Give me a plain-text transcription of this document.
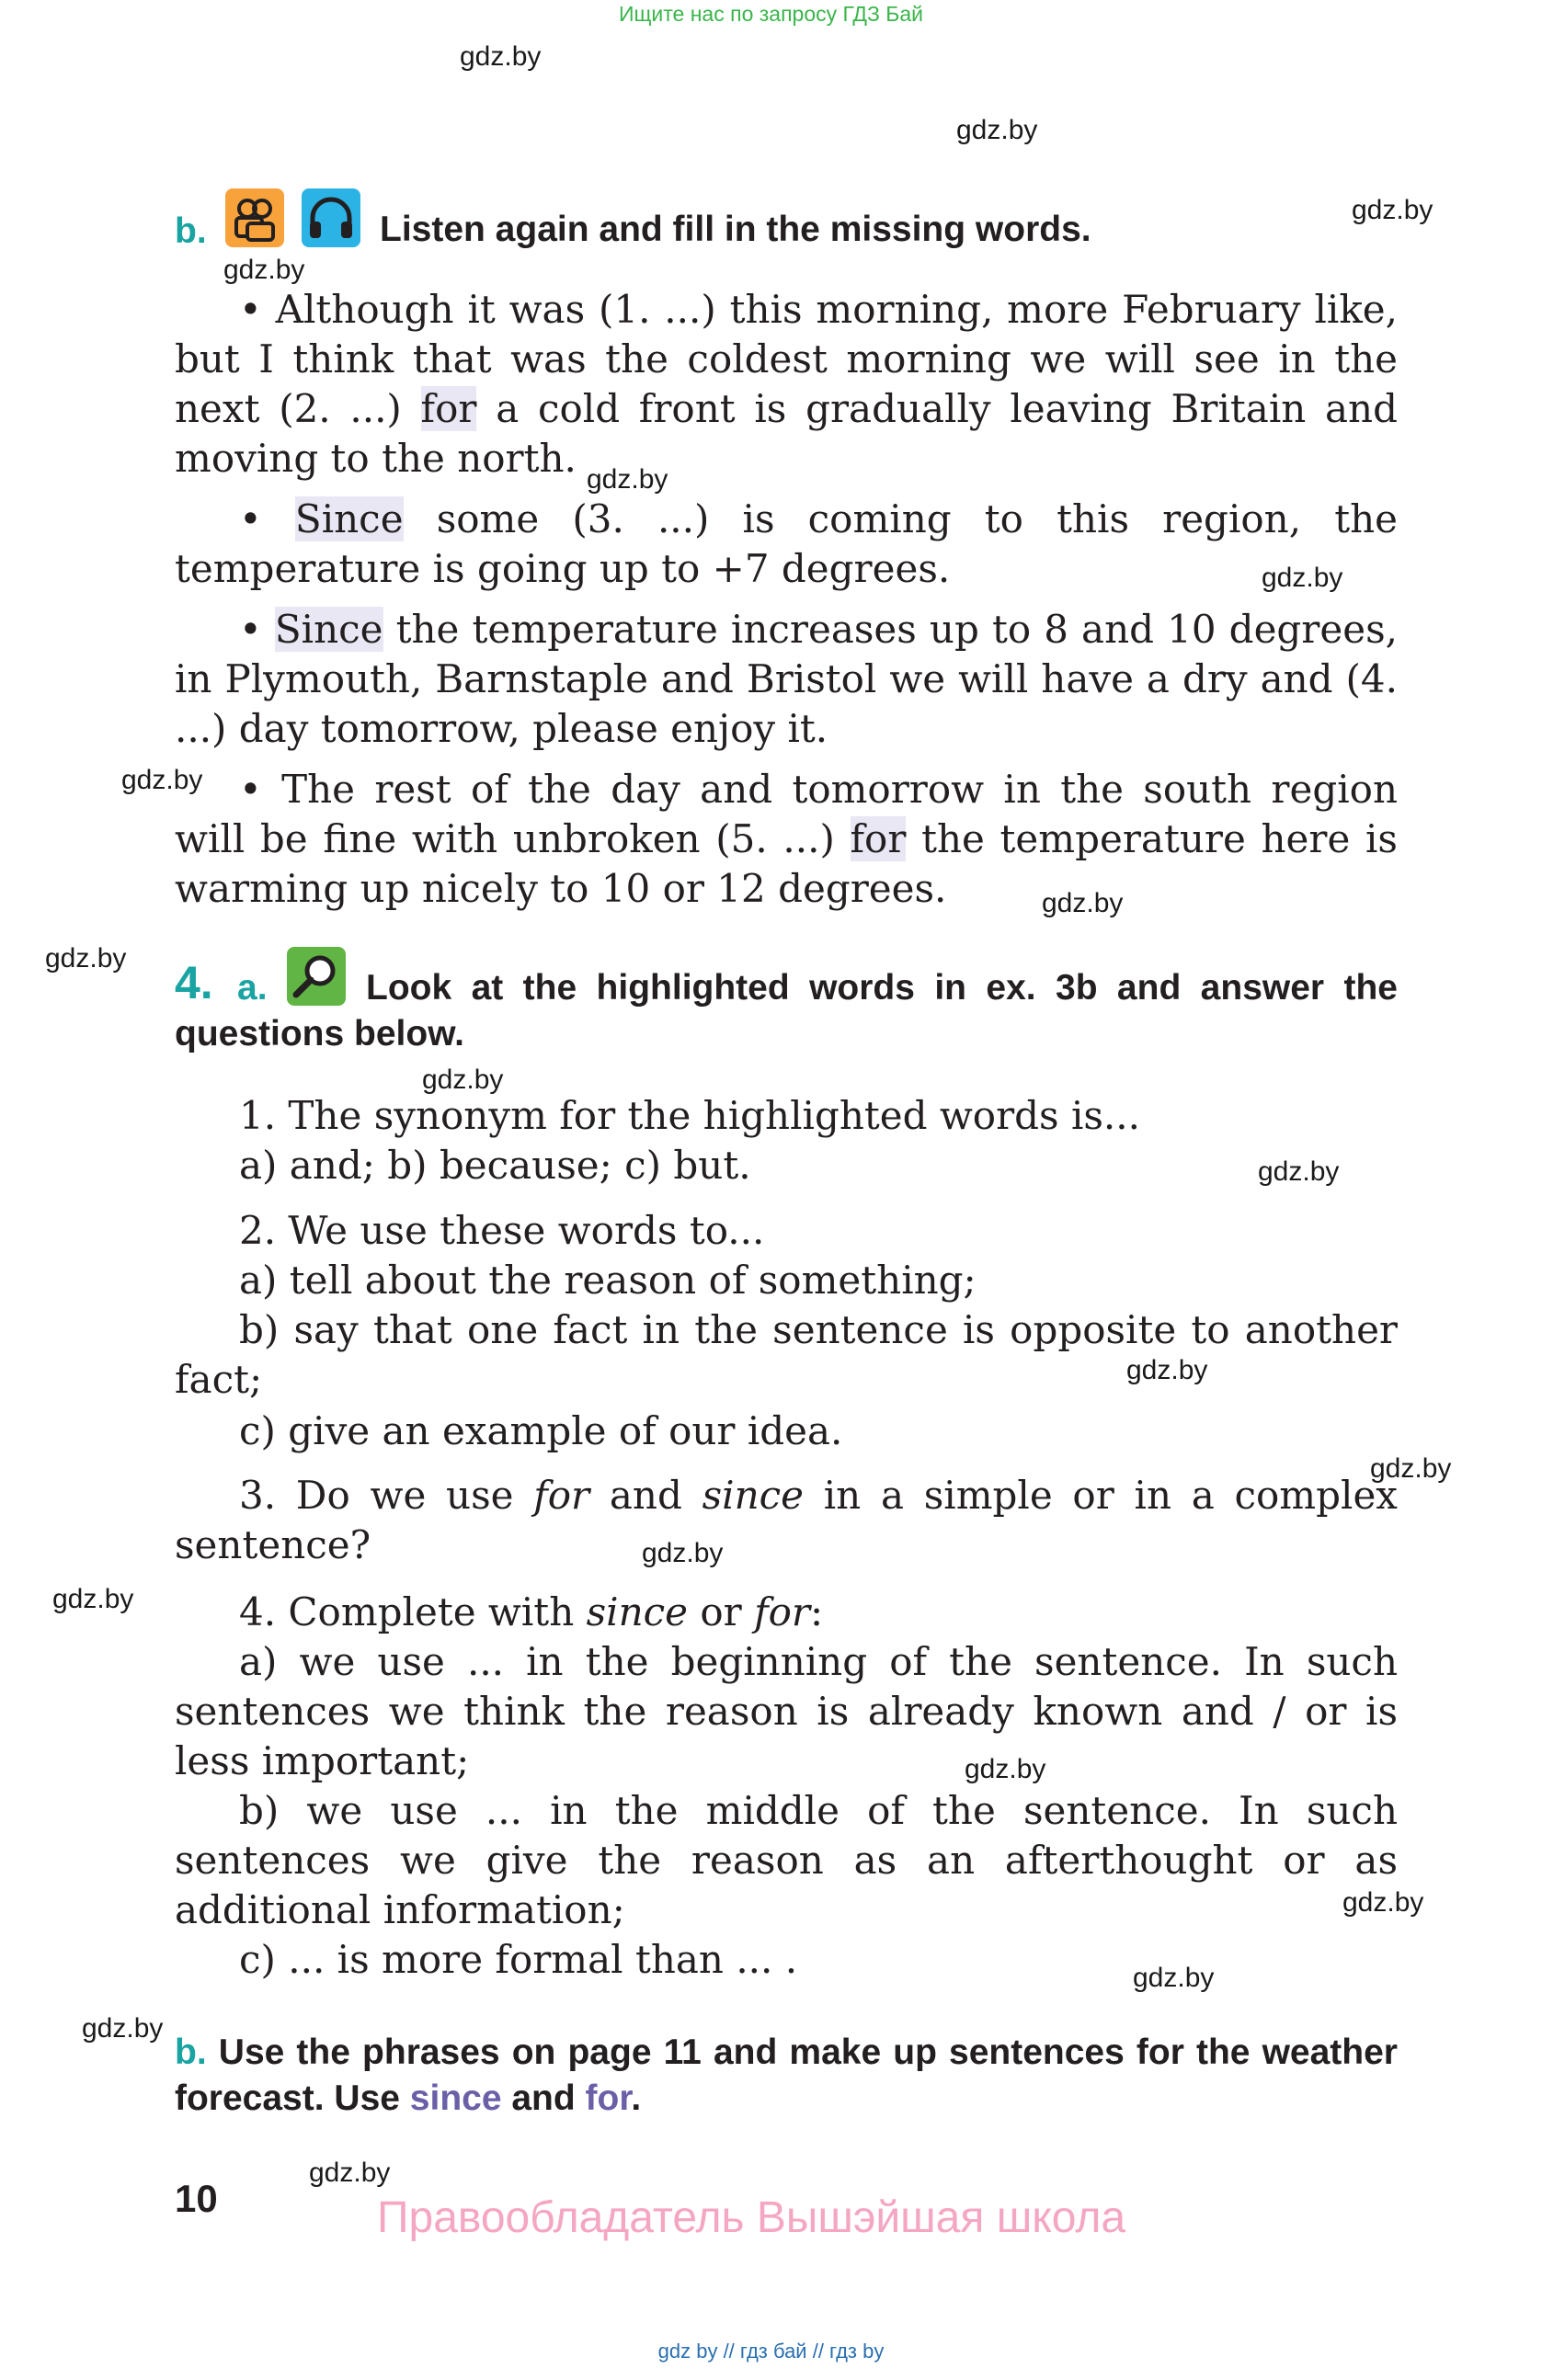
Ищите нас по запросу ГДЗ Бай
gdz.by
gdz.by
gdz.by
gdz.by
gdz.by
gdz.by
gdz.by
gdz.by
gdz.by
gdz.by
gdz.by
gdz.by
gdz.by
gdz.by
gdz.by
gdz.by
gdz.by
gdz.by
gdz.by
gdz.by
b.	Listen again and fill in the missing words.
• Although it was (1. ...) this morning, more February like, but I think that was the coldest morning we will see in the next (2. ...) for a cold front is gradually leaving Britain and moving to the north.
• Since some (3. ...) is coming to this region, the temperature is going up to +7 degrees.
• Since the temperature increases up to 8 and 10 degrees, in Plymouth, Barnstaple and Bristol we will have a dry and (4. ...) day tomorrow, please enjoy it.
• The rest of the day and tomorrow in the south region will be fine with unbroken (5. ...) for the temperature here is warming up nicely to 10 or 12 degrees.
4. a.	Look at the highlighted words in ex. 3b and answer the questions below.
1. The synonym for the highlighted words is...
a) and; b) because; c) but.
2. We use these words to...
a) tell about the reason of something;
b) say that one fact in the sentence is opposite to another fact;
c) give an example of our idea.
3. Do we use for and since in a simple or in a complex sentence?
4. Complete with since or for:
a) we use ... in the beginning of the sentence. In such sentences we think the reason is already known and / or is less important;
b) we use ... in the middle of the sentence. In such sentences we give the reason as an afterthought or as additional information;
c) ... is more formal than ... .
b. Use the phrases on page 11 and make up sentences for the weather forecast. Use since and for.
10	Правообладатель Вышэйшая школа
gdz by // гдз бай // гдз by
